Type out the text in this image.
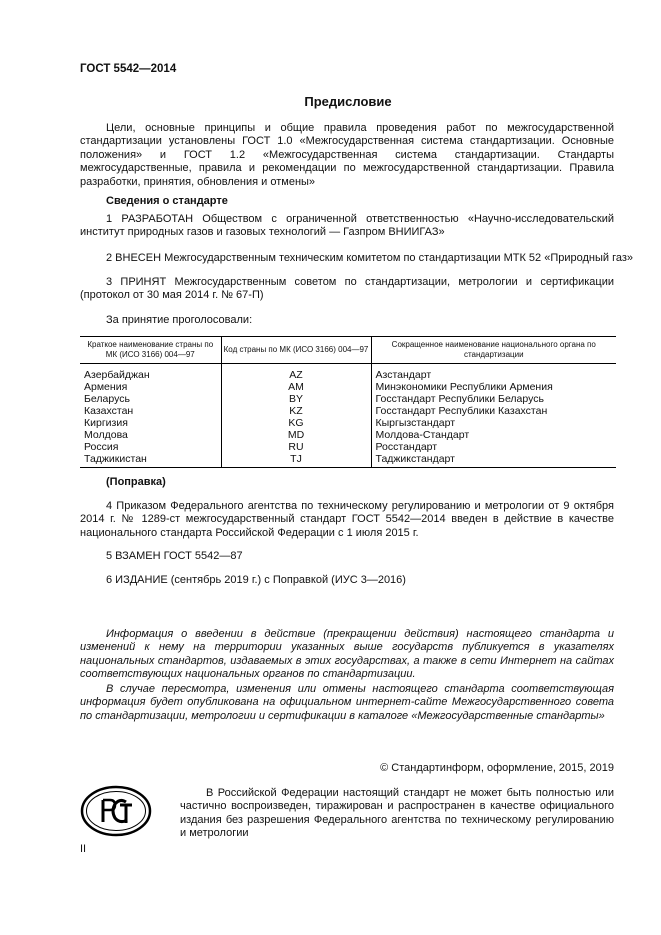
ГОСТ 5542—2014
Предисловие
Цели, основные принципы и общие правила проведения работ по межгосударственной стандартизации установлены ГОСТ 1.0 «Межгосударственная система стандартизации. Основные положения» и ГОСТ 1.2 «Межгосударственная система стандартизации. Стандарты межгосударственные, правила и рекомендации по межгосударственной стандартизации. Правила разработки, принятия, обновления и отмены»
Сведения о стандарте
1 РАЗРАБОТАН Обществом с ограниченной ответственностью «Научно-исследовательский институт природных газов и газовых технологий — Газпром ВНИИГАЗ»
2 ВНЕСЕН Межгосударственным техническим комитетом по стандартизации МТК 52 «Природный газ»
3 ПРИНЯТ Межгосударственным советом по стандартизации, метрологии и сертификации (протокол от 30 мая 2014 г. № 67-П)
За принятие проголосовали:
Краткое наименование страны по МК (ИСО 3166) 004—97	Код страны по МК (ИСО 3166) 004—97	Сокращенное наименование национального органа по стандартизации
Азербайджан	AZ	Азстандарт
Армения	AM	Минэкономики Республики Армения
Беларусь	BY	Госстандарт Республики Беларусь
Казахстан	KZ	Госстандарт Республики Казахстан
Киргизия	KG	Кыргызстандарт
Молдова	MD	Молдова-Стандарт
Россия	RU	Росстандарт
Таджикистан	TJ	Таджикстандарт
(Поправка)
4 Приказом Федерального агентства по техническому регулированию и метрологии от 9 октября 2014 г. № 1289-ст межгосударственный стандарт ГОСТ 5542—2014 введен в действие в качестве национального стандарта Российской Федерации с 1 июля 2015 г.
5 ВЗАМЕН ГОСТ 5542—87
6 ИЗДАНИЕ (сентябрь 2019 г.) с Поправкой (ИУС 3—2016)
Информация о введении в действие (прекращении действия) настоящего стандарта и изменений к нему на территории указанных выше государств публикуется в указателях национальных стандартов, издаваемых в этих государствах, а также в сети Интернет на сайтах соответствующих национальных органов по стандартизации.
В случае пересмотра, изменения или отмены настоящего стандарта соответствующая информация будет опубликована на официальном интернет-сайте Межгосударственного совета по стандартизации, метрологии и сертификации в каталоге «Межгосударственные стандарты»
© Стандартинформ, оформление, 2015, 2019
В Российской Федерации настоящий стандарт не может быть полностью или частично воспроизведен, тиражирован и распространен в качестве официального издания без разрешения Федерального агентства по техническому регулированию и метрологии
II
